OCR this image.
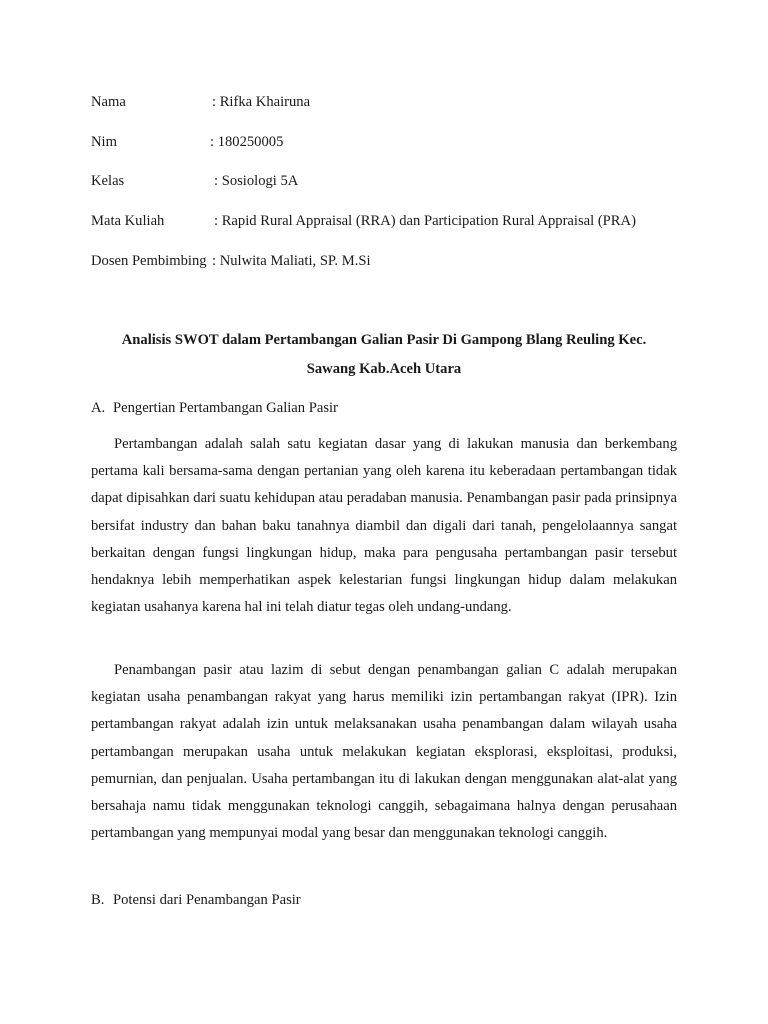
Nama	: Rifka Khairuna
Nim	: 180250005
Kelas	: Sosiologi 5A
Mata Kuliah	: Rapid Rural Appraisal (RRA) dan Participation Rural Appraisal (PRA)
Dosen Pembimbing : Nulwita Maliati, SP. M.Si
Analisis SWOT dalam Pertambangan Galian Pasir Di Gampong Blang Reuling Kec.
Sawang Kab.Aceh Utara
A. Pengertian Pertambangan Galian Pasir

Pertambangan adalah salah satu kegiatan dasar yang di lakukan manusia dan berkembang pertama kali bersama-sama dengan pertanian yang oleh karena itu keberadaan pertambangan tidak dapat dipisahkan dari suatu kehidupan atau peradaban manusia. Penambangan pasir pada prinsipnya bersifat industry dan bahan baku tanahnya diambil dan digali dari tanah, pengelolaannya sangat berkaitan dengan fungsi lingkungan hidup, maka para pengusaha pertambangan pasir tersebut hendaknya lebih memperhatikan aspek kelestarian fungsi lingkungan hidup dalam melakukan kegiatan usahanya karena hal ini telah diatur tegas oleh undang-undang.

Penambangan pasir atau lazim di sebut dengan penambangan galian C adalah merupakan kegiatan usaha penambangan rakyat yang harus memiliki izin pertambangan rakyat (IPR). Izin pertambangan rakyat adalah izin untuk melaksanakan usaha penambangan dalam wilayah usaha pertambangan merupakan usaha untuk melakukan kegiatan eksplorasi, eksploitasi, produksi, pemurnian, dan penjualan. Usaha pertambangan itu di lakukan dengan menggunakan alat-alat yang bersahaja namu tidak menggunakan teknologi canggih, sebagaimana halnya dengan perusahaan pertambangan yang mempunyai modal yang besar dan menggunakan teknologi canggih.

B. Potensi dari Penambangan Pasir
